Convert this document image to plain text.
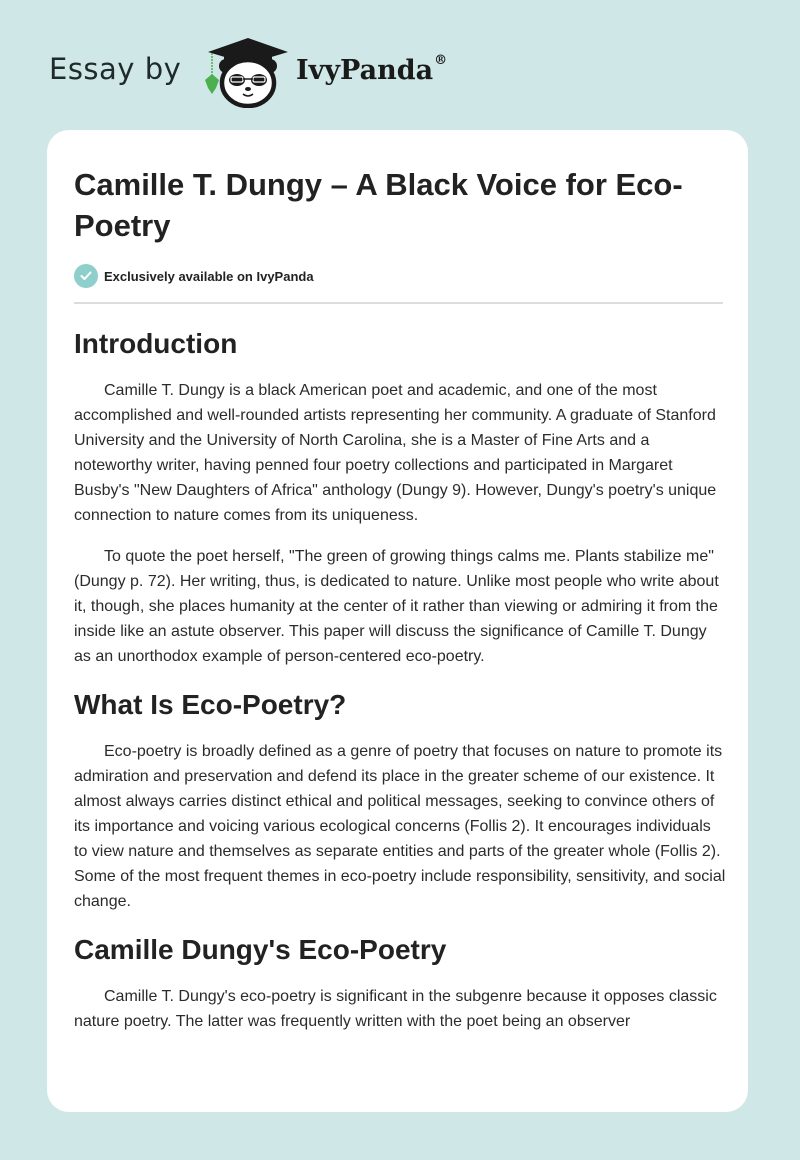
Essay by	IvyPanda®
Camille T. Dungy – A Black Voice for Eco-Poetry
Exclusively available on IvyPanda
Introduction

Camille T. Dungy is a black American poet and academic, and one of the most accomplished and well-rounded artists representing her community. A graduate of Stanford University and the University of North Carolina, she is a Master of Fine Arts and a noteworthy writer, having penned four poetry collections and participated in Margaret Busby's "New Daughters of Africa" anthology (Dungy 9). However, Dungy's poetry's unique connection to nature comes from its uniqueness.

To quote the poet herself, "The green of growing things calms me. Plants stabilize me" (Dungy p. 72). Her writing, thus, is dedicated to nature. Unlike most people who write about it, though, she places humanity at the center of it rather than viewing or admiring it from the inside like an astute observer. This paper will discuss the significance of Camille T. Dungy as an unorthodox example of person-centered eco-poetry.

What Is Eco-Poetry?

Eco-poetry is broadly defined as a genre of poetry that focuses on nature to promote its admiration and preservation and defend its place in the greater scheme of our existence. It almost always carries distinct ethical and political messages, seeking to convince others of its importance and voicing various ecological concerns (Follis 2). It encourages individuals to view nature and themselves as separate entities and parts of the greater whole (Follis 2). Some of the most frequent themes in eco-poetry include responsibility, sensitivity, and social change.

Camille Dungy's Eco-Poetry

Camille T. Dungy's eco-poetry is significant in the subgenre because it opposes classic nature poetry. The latter was frequently written with the poet being an observer
